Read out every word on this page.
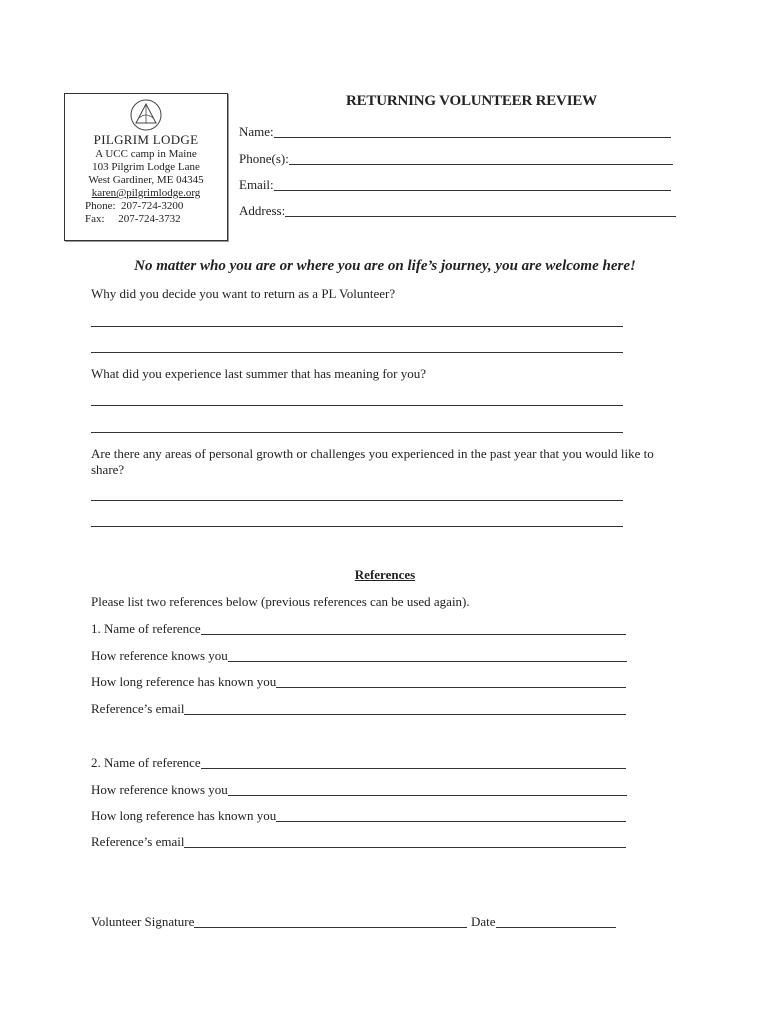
PILGRIM LODGE
A UCC camp in Maine
103 Pilgrim Lodge Lane
West Gardiner, ME 04345
karen@pilgrimlodge.org
Phone:  207-724-3200
Fax:     207-724-3732
RETURNING VOLUNTEER REVIEW
Name:
Phone(s):
Email:
Address:
No matter who you are or where you are on life’s journey, you are welcome here!
Why did you decide you want to return as a PL Volunteer?
What did you experience last summer that has meaning for you?
Are there any areas of personal growth or challenges you experienced in the past year that you would like to share?
References
Please list two references below (previous references can be used again).
1. Name of reference
How reference knows you
How long reference has known you
Reference’s email
2. Name of reference
How reference knows you
How long reference has known you
Reference’s email
Volunteer Signature	Date
